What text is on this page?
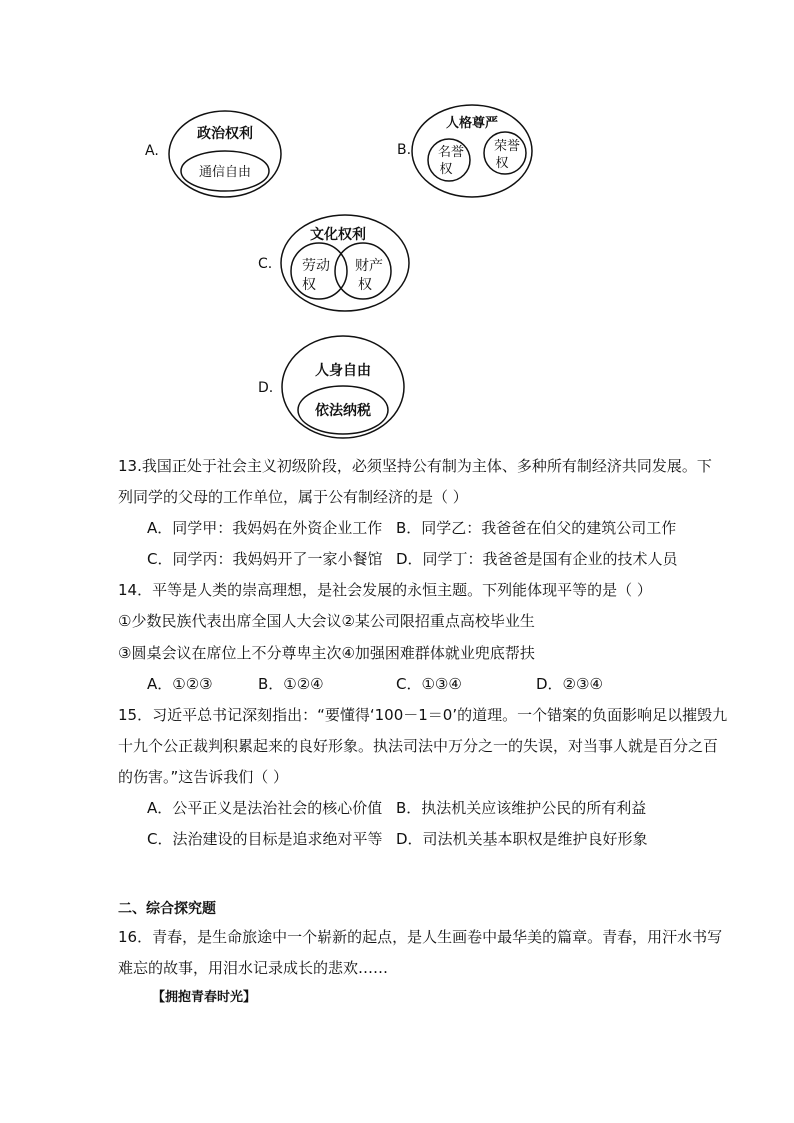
A.
政治权利
通信自由
B.
人格尊严
名誉
权
荣誉
权
C.
文化权利
劳动
权
财产
权
D.
人身自由
依法纳税
13.我国正处于社会主义初级阶段，必须坚持公有制为主体、多种所有制经济共同发展。下
列同学的父母的工作单位，属于公有制经济的是（ ）
A．同学甲：我妈妈在外资企业工作 B．同学乙：我爸爸在伯父的建筑公司工作
C．同学丙：我妈妈开了一家小餐馆 D．同学丁：我爸爸是国有企业的技术人员
14．平等是人类的崇高理想，是社会发展的永恒主题。下列能体现平等的是（ ）
①少数民族代表出席全国人大会议②某公司限招重点高校毕业生
③圆桌会议在席位上不分尊卑主次④加强困难群体就业兜底帮扶
A．①②③	B．①②④	C．①③④	D．②③④
15．习近平总书记深刻指出：“要懂得‘100－1＝0’的道理。一个错案的负面影响足以摧毁九
十九个公正裁判积累起来的良好形象。执法司法中万分之一的失误，对当事人就是百分之百
的伤害。”这告诉我们（ ）
A．公平正义是法治社会的核心价值 B．执法机关应该维护公民的所有利益
C．法治建设的目标是追求绝对平等 D．司法机关基本职权是维护良好形象
二、综合探究题
16．青春，是生命旅途中一个崭新的起点，是人生画卷中最华美的篇章。青春，用汗水书写
难忘的故事，用泪水记录成长的悲欢……
【拥抱青春时光】
